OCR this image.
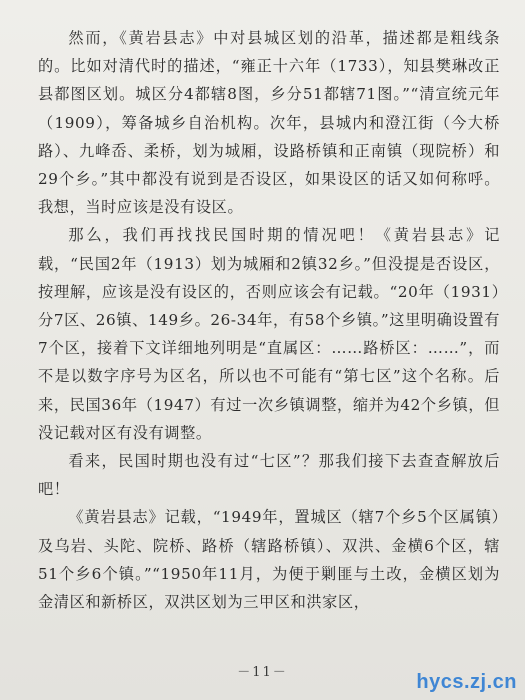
然而，《黄岩县志》中对县城区划的沿革，描述都是粗线条的。比如对清代时的描述，“雍正十六年（1733），知县樊琳改正县都图区划。城区分4都辖8图，乡分51都辖71图。”“清宣统元年（1909），筹备城乡自治机构。次年，县城内和澄江街（今大桥路）、九峰岙、柔桥，划为城厢，设路桥镇和正南镇（现院桥）和29个乡。”其中都没有说到是否设区，如果设区的话又如何称呼。我想，当时应该是没有设区。

那么，我们再找找民国时期的情况吧！《黄岩县志》记载，“民国2年（1913）划为城厢和2镇32乡。”但没提是否设区，按理解，应该是没有设区的，否则应该会有记载。“20年（1931）分7区、26镇、149乡。26-34年，有58个乡镇。”这里明确设置有7个区，接着下文详细地列明是“直属区：……路桥区：……”，而不是以数字序号为区名，所以也不可能有“第七区”这个名称。后来，民国36年（1947）有过一次乡镇调整，缩并为42个乡镇，但没记载对区有没有调整。

看来，民国时期也没有过“七区”？那我们接下去查查解放后吧！

《黄岩县志》记载，“1949年，置城区（辖7个乡5个区属镇）及乌岩、头陀、院桥、路桥（辖路桥镇）、双洪、金横6个区，辖51个乡6个镇。”“1950年11月，为便于剿匪与土改，金横区划为金清区和新桥区，双洪区划为三甲区和洪家区，

－11－	hycs.zj.cn
